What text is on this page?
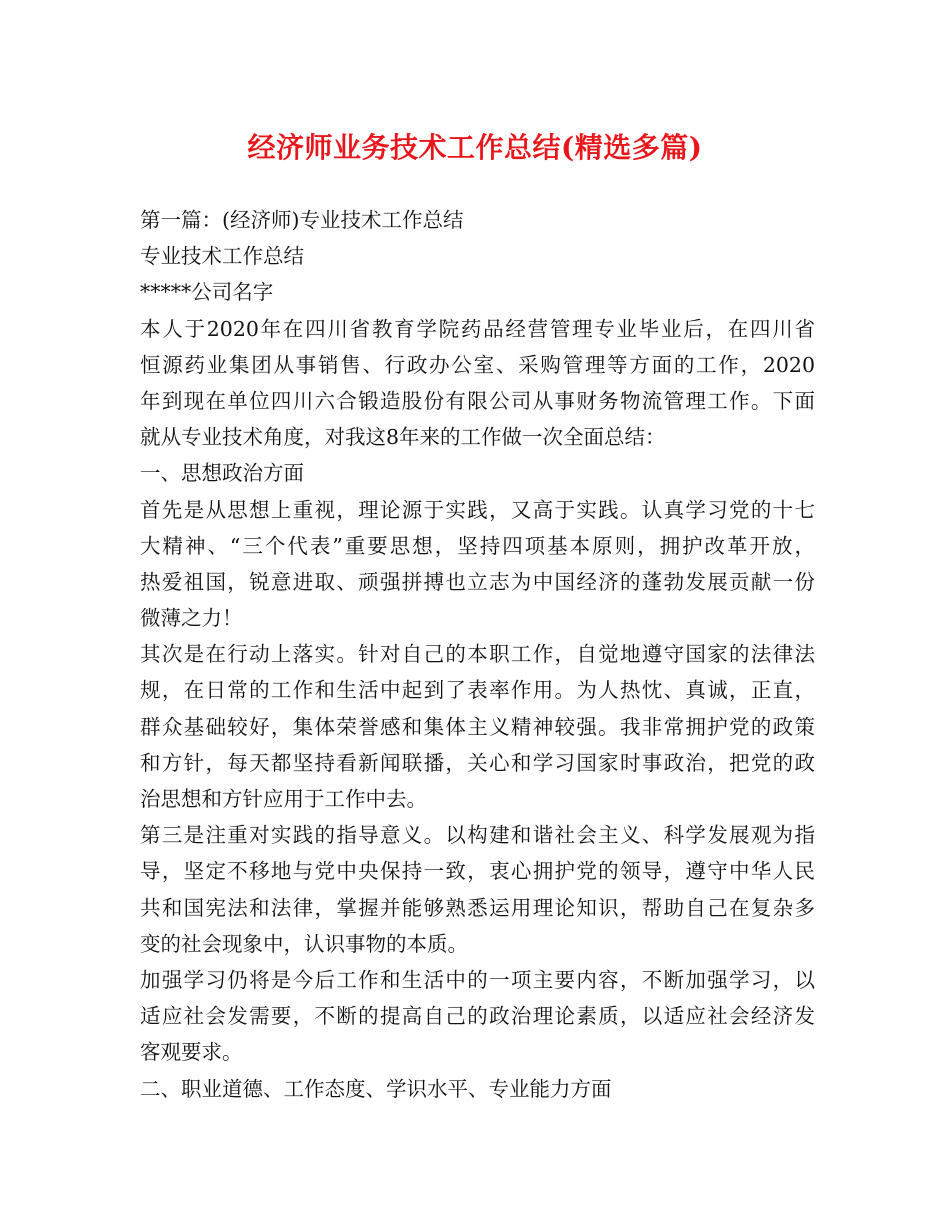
经济师业务技术工作总结(精选多篇)
第一篇：(经济师)专业技术工作总结
专业技术工作总结
*****公司名字
本人于2020年在四川省教育学院药品经营管理专业毕业后，在四川省
恒源药业集团从事销售、行政办公室、采购管理等方面的工作，2020
年到现在单位四川六合锻造股份有限公司从事财务物流管理工作。下面
就从专业技术角度，对我这8年来的工作做一次全面总结：
一、思想政治方面
首先是从思想上重视，理论源于实践，又高于实践。认真学习党的十七
大精神、“三个代表”重要思想，坚持四项基本原则，拥护改革开放，
热爱祖国，锐意进取、顽强拼搏也立志为中国经济的蓬勃发展贡献一份
微薄之力！
其次是在行动上落实。针对自己的本职工作，自觉地遵守国家的法律法
规，在日常的工作和生活中起到了表率作用。为人热忱、真诚，正直，
群众基础较好，集体荣誉感和集体主义精神较强。我非常拥护党的政策
和方针，每天都坚持看新闻联播，关心和学习国家时事政治，把党的政
治思想和方针应用于工作中去。
第三是注重对实践的指导意义。以构建和谐社会主义、科学发展观为指
导，坚定不移地与党中央保持一致，衷心拥护党的领导，遵守中华人民
共和国宪法和法律，掌握并能够熟悉运用理论知识，帮助自己在复杂多
变的社会现象中，认识事物的本质。
加强学习仍将是今后工作和生活中的一项主要内容，不断加强学习，以
适应社会发需要，不断的提高自己的政治理论素质，以适应社会经济发
客观要求。
二、职业道德、工作态度、学识水平、专业能力方面
